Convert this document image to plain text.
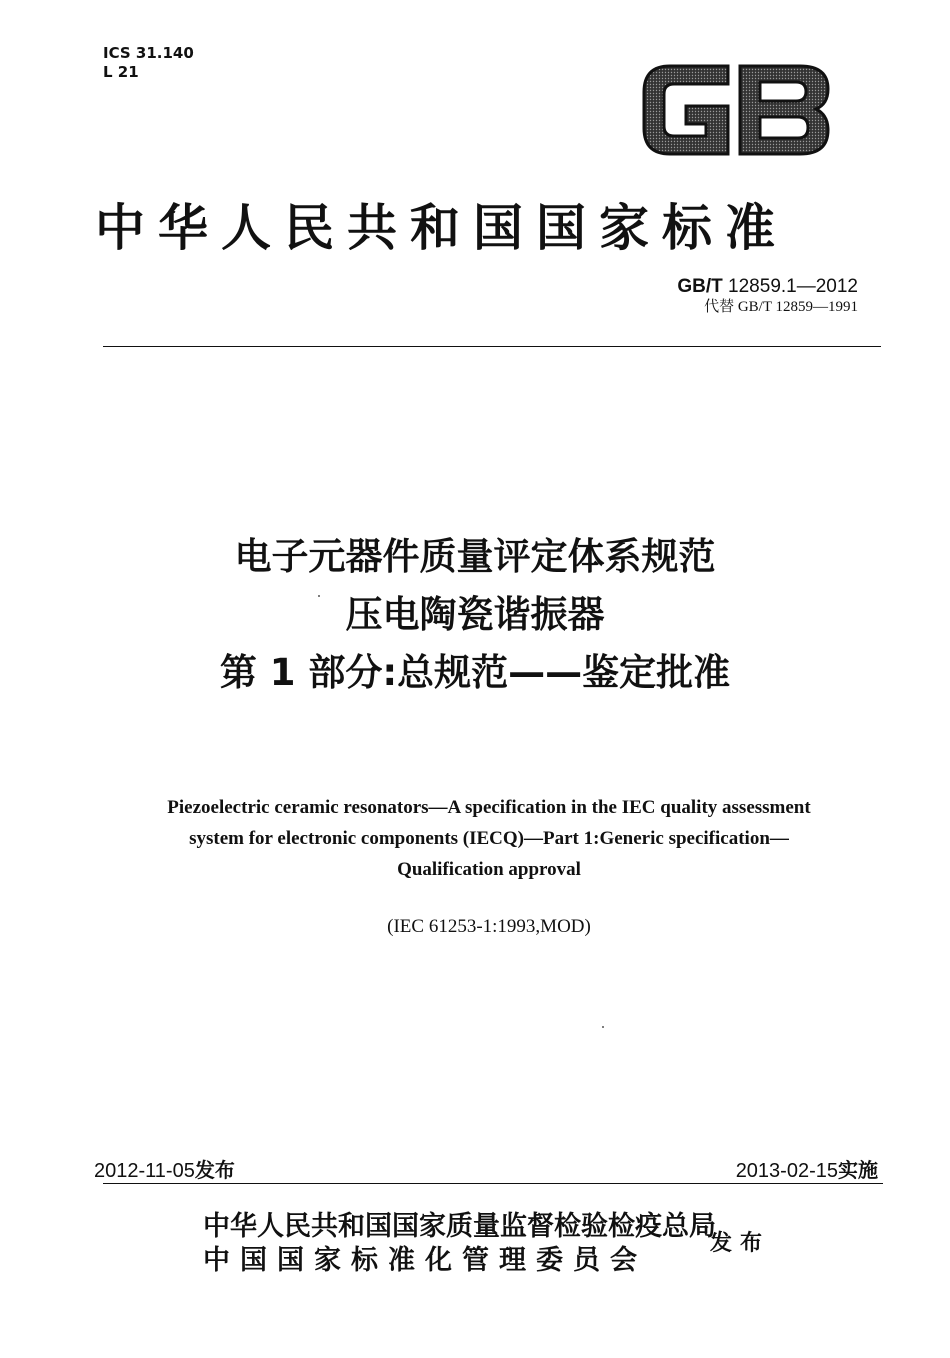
ICS 31.140
L 21
中华人民共和国国家标准
GB/T 12859.1—2012
代替 GB/T 12859—1991
电子元器件质量评定体系规范
压电陶瓷谐振器
第 1 部分:总规范——鉴定批准
Piezoelectric ceramic resonators—A specification in the IEC quality assessment
system for electronic components (IECQ)—Part 1:Generic specification—
Qualification approval
(IEC 61253-1:1993,MOD)
2012-11-05发布	2013-02-15实施
中华人民共和国国家质量监督检验检疫总局
中国国家标准化管理委员会
发布
